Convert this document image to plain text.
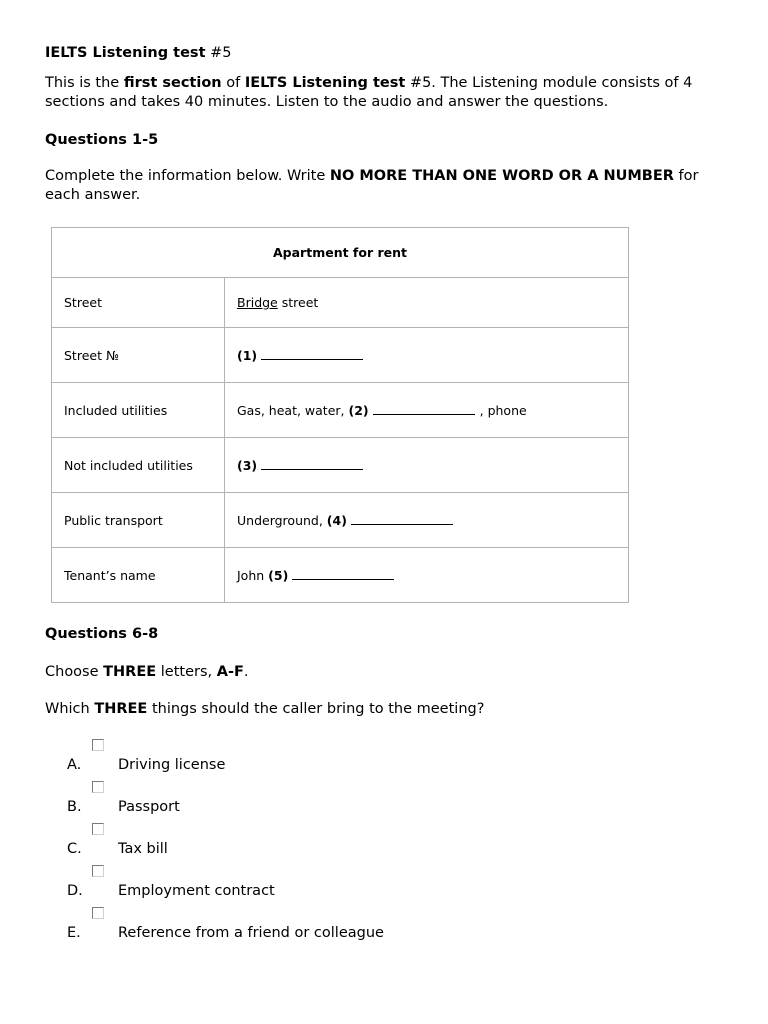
IELTS Listening test #5

This is the first section of IELTS Listening test #5. The Listening module consists of 4 sections and takes 40 minutes. Listen to the audio and answer the questions.

Questions 1-5

Complete the information below. Write NO MORE THAN ONE WORD OR A NUMBER for each answer.

Apartment for rent	
Street	Bridge street
Street №	(1)
Included utilities	Gas, heat, water, (2) , phone
Not included utilities	(3)
Public transport	Underground, (4)
Tenant’s name	John (5)

Questions 6-8

Choose THREE letters, A-F.

Which THREE things should the caller bring to the meeting?

A.	Driving license
B.	Passport
C.	Tax bill
D. Employment contract
E.	Reference from a friend or colleague
